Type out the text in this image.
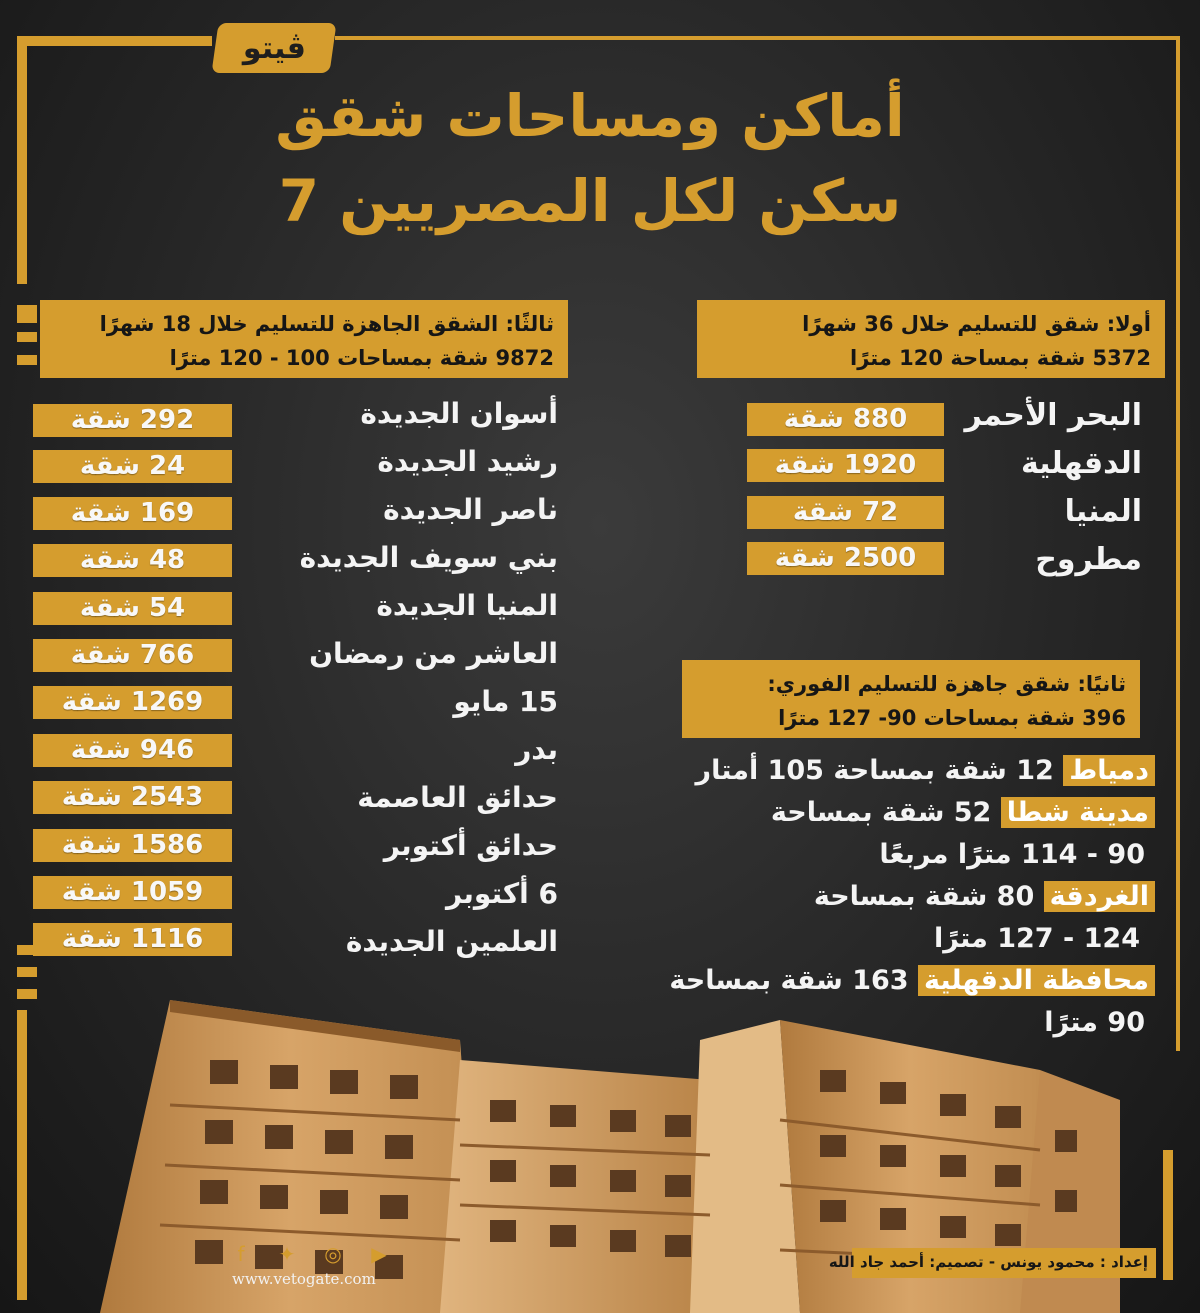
ڤيتو
أماكن ومساحات شقق
سكن لكل المصريين 7
ثالثًا: الشقق الجاهزة للتسليم خلال 18 شهرًا
9872 شقة بمساحات 100 - 120 مترًا
أولا: شقق للتسليم خلال 36 شهرًا
5372 شقة بمساحة 120 مترًا
أسوان الجديدة
292 شقة
رشيد الجديدة
24 شقة
ناصر الجديدة
169 شقة
بني سويف الجديدة
48 شقة
المنيا الجديدة
54 شقة
العاشر من رمضان
766 شقة
15 مايو
1269 شقة
بدر
946 شقة
حدائق العاصمة
2543 شقة
حدائق أكتوبر
1586 شقة
6 أكتوبر
1059 شقة
العلمين الجديدة
1116 شقة
البحر الأحمر
880 شقة
الدقهلية
1920 شقة
المنيا
72 شقة
مطروح
2500 شقة
ثانيًا: شقق جاهزة للتسليم الفوري:
396 شقة بمساحات 90- 127 مترًا
دمياط 12 شقة بمساحة 105 أمتار
مدينة شطا 52 شقة بمساحة
90 - 114 مترًا مربعًا
الغردقة 80 شقة بمساحة
124 - 127 مترًا
محافظة الدقهلية 163 شقة بمساحة
90 مترًا
f	✦ ◎ ▶
www.vetogate.com
إعداد : محمود يونس - تصميم: أحمد جاد الله
